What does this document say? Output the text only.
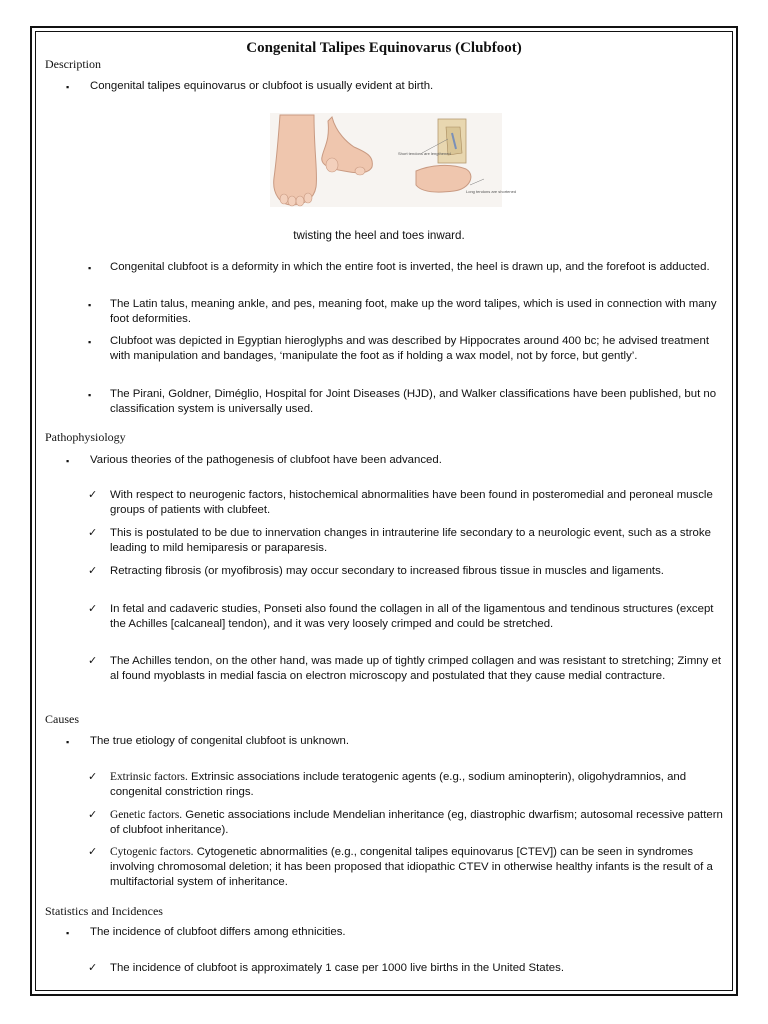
Congenital Talipes Equinovarus (Clubfoot)
Description
▪	Congenital talipes equinovarus or clubfoot is usually evident at birth.
Short tendons are lengthened
Long tendons are shortened
twisting the heel and toes inward.
▪	Congenital clubfoot is a deformity in which the entire foot is inverted, the heel is drawn up, and the forefoot is adducted.
▪	The Latin talus, meaning ankle, and pes, meaning foot, make up the word talipes, which is used in connection with many foot deformities.
▪	Clubfoot was depicted in Egyptian hieroglyphs and was described by Hippocrates around 400 bc; he advised treatment with manipulation and bandages, ‘manipulate the foot as if holding a wax model, not by force, but gently’.
▪	The Pirani, Goldner, Diméglio, Hospital for Joint Diseases (HJD), and Walker classifications have been published, but no classification system is universally used.
Pathophysiology
▪	Various theories of the pathogenesis of clubfoot have been advanced.
✓	With respect to neurogenic factors, histochemical abnormalities have been found in posteromedial and peroneal muscle groups of patients with clubfeet.
✓	This is postulated to be due to innervation changes in intrauterine life secondary to a neurologic event, such as a stroke leading to mild hemiparesis or paraparesis.
✓	Retracting fibrosis (or myofibrosis) may occur secondary to increased fibrous tissue in muscles and ligaments.
✓	In fetal and cadaveric studies, Ponseti also found the collagen in all of the ligamentous and tendinous structures (except the Achilles [calcaneal] tendon), and it was very loosely crimped and could be stretched.
✓	The Achilles tendon, on the other hand, was made up of tightly crimped collagen and was resistant to stretching; Zimny et al found myoblasts in medial fascia on electron microscopy and postulated that they cause medial contracture.
Causes
▪	The true etiology of congenital clubfoot is unknown.
✓	Extrinsic factors. Extrinsic associations include teratogenic agents (e.g., sodium aminopterin), oligohydramnios, and congenital constriction rings.
✓	Genetic factors. Genetic associations include Mendelian inheritance (eg, diastrophic dwarfism; autosomal recessive pattern of clubfoot inheritance).
✓	Cytogenic factors. Cytogenetic abnormalities (e.g., congenital talipes equinovarus [CTEV]) can be seen in syndromes involving chromosomal deletion; it has been proposed that idiopathic CTEV in otherwise healthy infants is the result of a multifactorial system of inheritance.
Statistics and Incidences
▪	The incidence of clubfoot differs among ethnicities.
✓	The incidence of clubfoot is approximately 1 case per 1000 live births in the United States.
